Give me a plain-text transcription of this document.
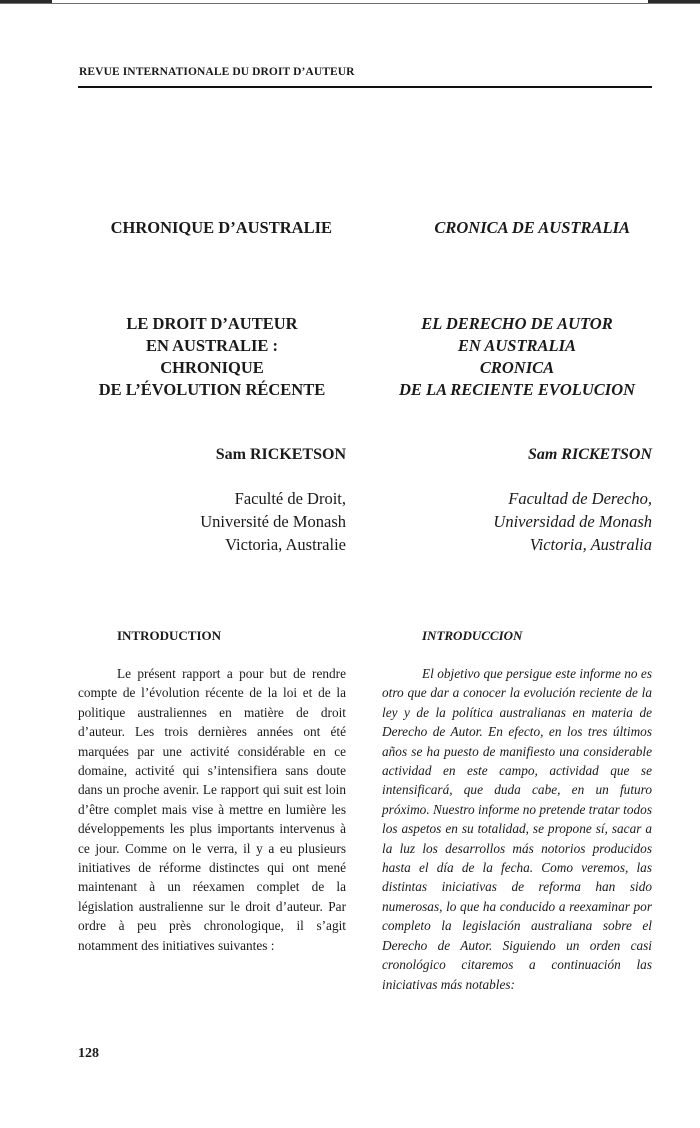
REVUE INTERNATIONALE DU DROIT D’AUTEUR
CHRONIQUE D’AUSTRALIE
LE DROIT D’AUTEUR
EN AUSTRALIE :
CHRONIQUE
DE L’ÉVOLUTION RÉCENTE
Sam RICKETSON
Faculté de Droit,
Université de Monash
Victoria, Australie
INTRODUCTION
Le présent rapport a pour but de rendre compte de l’évolution récente de la loi et de la politique australiennes en matière de droit d’auteur. Les trois dernières années ont été marquées par une activité considérable en ce domaine, activité qui s’intensifiera sans doute dans un proche avenir. Le rapport qui suit est loin d’être complet mais vise à mettre en lumière les développements les plus importants intervenus à ce jour. Comme on le verra, il y a eu plusieurs initiatives de réforme distinctes qui ont mené maintenant à un réexamen complet de la législation australienne sur le droit d’auteur. Par ordre à peu près chronologique, il s’agit notamment des initiatives suivantes :
CRONICA DE AUSTRALIA
EL DERECHO DE AUTOR
EN AUSTRALIA
CRONICA
DE LA RECIENTE EVOLUCION
Sam RICKETSON
Facultad de Derecho,
Universidad de Monash
Victoria, Australia
INTRODUCCION
El objetivo que persigue este informe no es otro que dar a conocer la evolución reciente de la ley y de la política australianas en materia de Derecho de Autor. En efecto, en los tres últimos años se ha puesto de manifiesto una considerable actividad en este campo, actividad que se intensificará, que duda cabe, en un futuro próximo. Nuestro informe no pretende tratar todos los aspetos en su totalidad, se propone sí, sacar a la luz los desarrollos más notorios producidos hasta el día de la fecha. Como veremos, las distintas iniciativas de reforma han sido numerosas, lo que ha conducido a reexaminar por completo la legislación australiana sobre el Derecho de Autor. Siguiendo un orden casi cronológico citaremos a continuación las iniciativas más notables:
128
